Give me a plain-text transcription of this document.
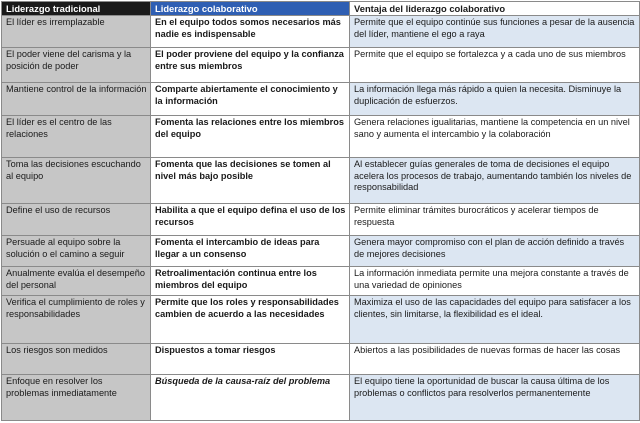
Liderazgo tradicional	Liderazgo colaborativo	Ventaja del liderazgo colaborativo
El líder es irremplazable	En el equipo todos somos necesarios más nadie es indispensable	Permite que el equipo continúe sus funciones a pesar de la ausencia del líder, mantiene el ego a raya
El poder viene del carisma y la posición de poder	El poder proviene del equipo y la confianza entre sus miembros	Permite que el equipo se fortalezca y a cada uno de sus miembros
Mantiene control de la información	Comparte abiertamente el conocimiento y la información	La información llega más rápido a quien la necesita. Disminuye la duplicación de esfuerzos.
El líder es el centro de las relaciones	Fomenta las relaciones entre los miembros del equipo	Genera relaciones igualitarias, mantiene la competencia en un nivel sano y aumenta el intercambio y la colaboración
Toma las decisiones escuchando al equipo	Fomenta que las decisiones se tomen al nivel más bajo posible	Al establecer guías generales de toma de decisiones el equipo acelera los procesos de trabajo, aumentando también los niveles de responsabilidad
Define el uso de recursos	Habilita a que el equipo defina el uso de los recursos	Permite eliminar trámites burocráticos y acelerar tiempos de respuesta
Persuade al equipo sobre la solución o el camino a seguir	Fomenta el intercambio de ideas para llegar a un consenso	Genera mayor compromiso con el plan de acción definido a través de mejores decisiones
Anualmente evalúa el desempeño del personal	Retroalimentación continua entre los miembros del equipo	La información inmediata permite una mejora constante a través de una variedad de opiniones
Verifica el cumplimiento de roles y responsabilidades	Permite que los roles y responsabilidades cambien de acuerdo a las necesidades	Maximiza el uso de las capacidades del equipo para satisfacer a los clientes, sin limitarse, la flexibilidad es el ideal.
Los riesgos son medidos	Dispuestos a tomar riesgos	Abiertos a las posibilidades de nuevas formas de hacer las cosas
Enfoque en resolver los problemas inmediatamente	Búsqueda de la causa-raíz del problema	El equipo tiene la oportunidad de buscar la causa última de los problemas o conflictos para resolverlos permanentemente
